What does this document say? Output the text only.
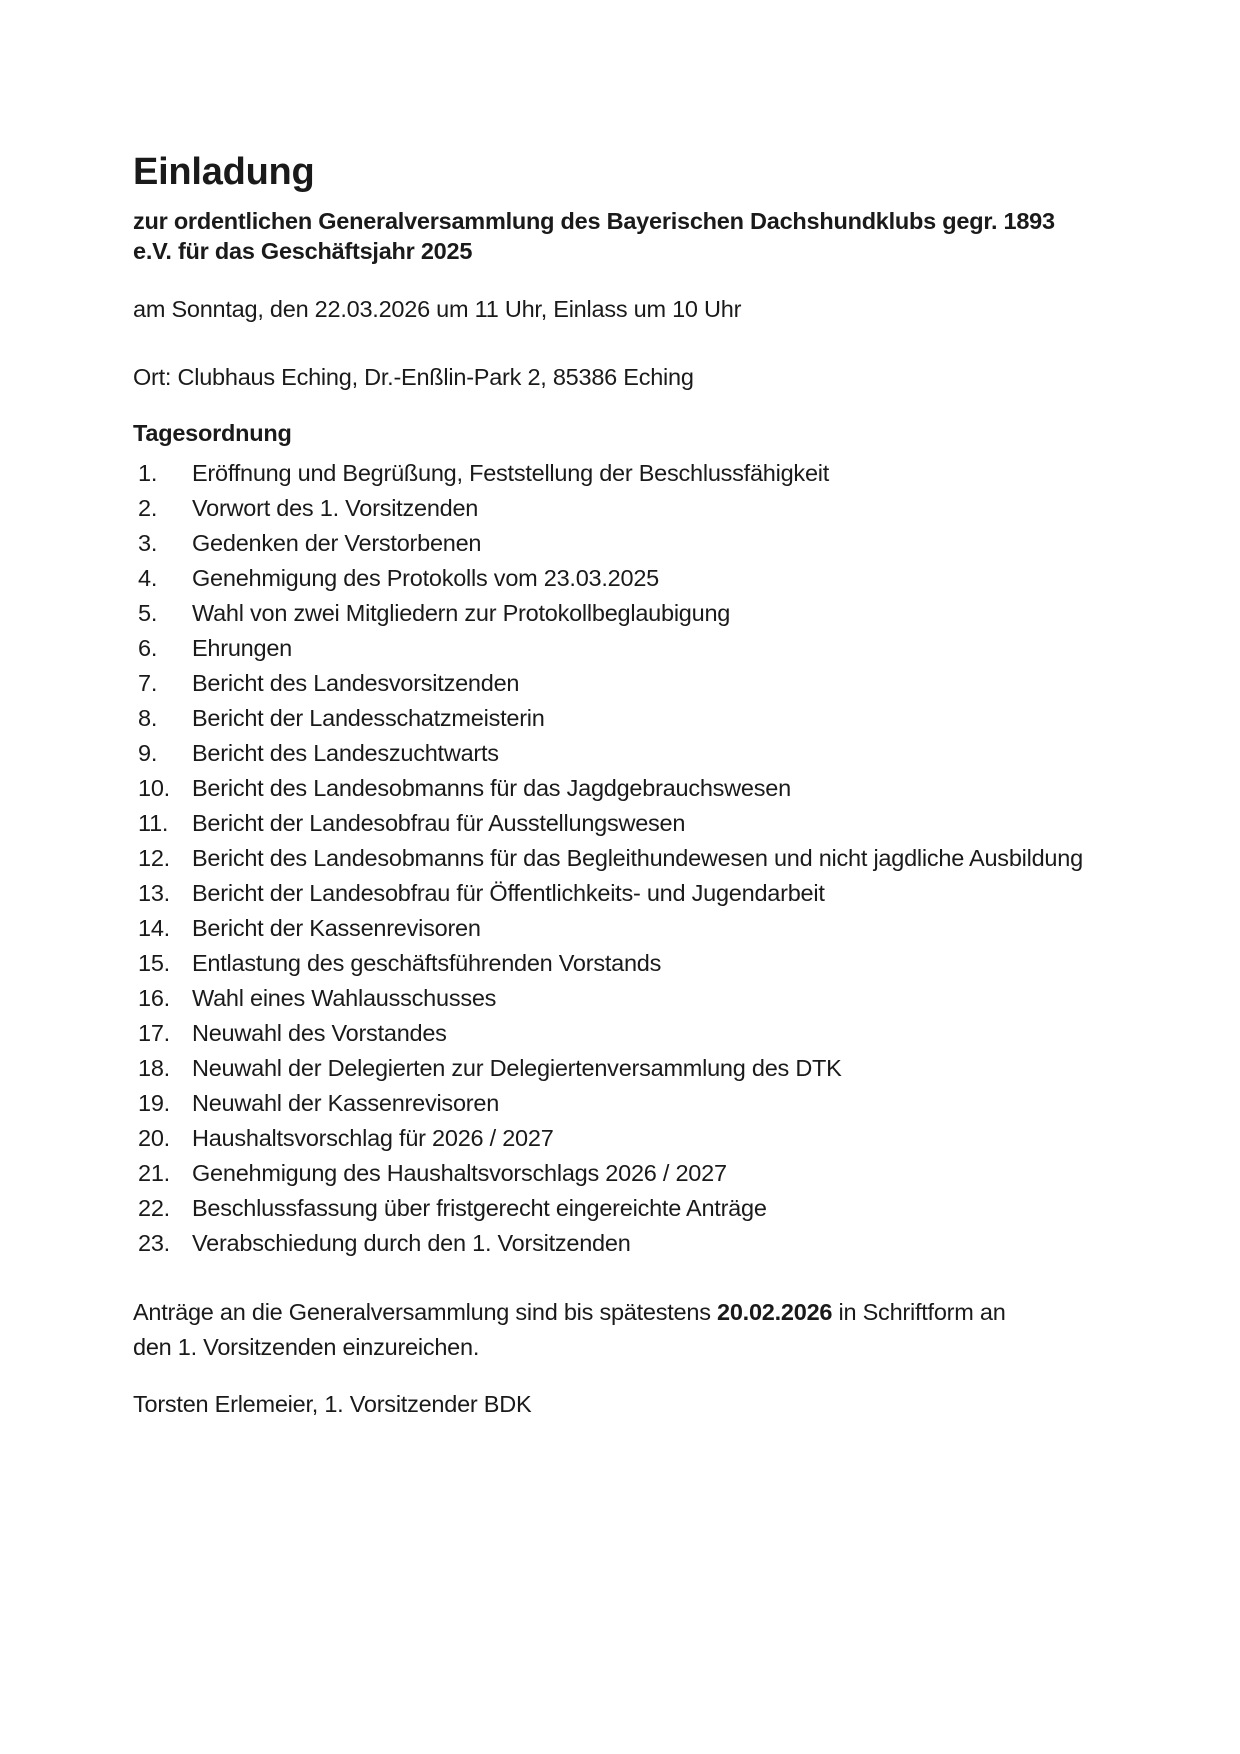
Einladung
zur ordentlichen Generalversammlung des Bayerischen Dachshundklubs gegr. 1893
e.V. für das Geschäftsjahr 2025
am Sonntag, den 22.03.2026 um 11 Uhr, Einlass um 10 Uhr
Ort: Clubhaus Eching, Dr.-Enßlin-Park 2, 85386 Eching
Tagesordnung
1.	Eröffnung und Begrüßung, Feststellung der Beschlussfähigkeit
2.	Vorwort des 1. Vorsitzenden
3.	Gedenken der Verstorbenen
4.	Genehmigung des Protokolls vom 23.03.2025
5.	Wahl von zwei Mitgliedern zur Protokollbeglaubigung
6.	Ehrungen
7.	Bericht des Landesvorsitzenden
8.	Bericht der Landesschatzmeisterin
9.	Bericht des Landeszuchtwarts
10. Bericht des Landesobmanns für das Jagdgebrauchswesen
11.	Bericht der Landesobfrau für Ausstellungswesen
12. Bericht des Landesobmanns für das Begleithundewesen und nicht jagdliche Ausbildung
13. Bericht der Landesobfrau für Öffentlichkeits- und Jugendarbeit
14. Bericht der Kassenrevisoren
15. Entlastung des geschäftsführenden Vorstands
16. Wahl eines Wahlausschusses
17. Neuwahl des Vorstandes
18. Neuwahl der Delegierten zur Delegiertenversammlung des DTK
19. Neuwahl der Kassenrevisoren
20. Haushaltsvorschlag für 2026 / 2027
21. Genehmigung des Haushaltsvorschlags 2026 / 2027
22. Beschlussfassung über fristgerecht eingereichte Anträge
23. Verabschiedung durch den 1. Vorsitzenden
Anträge an die Generalversammlung sind bis spätestens 20.02.2026 in Schriftform an
den 1. Vorsitzenden einzureichen.
Torsten Erlemeier, 1. Vorsitzender BDK
